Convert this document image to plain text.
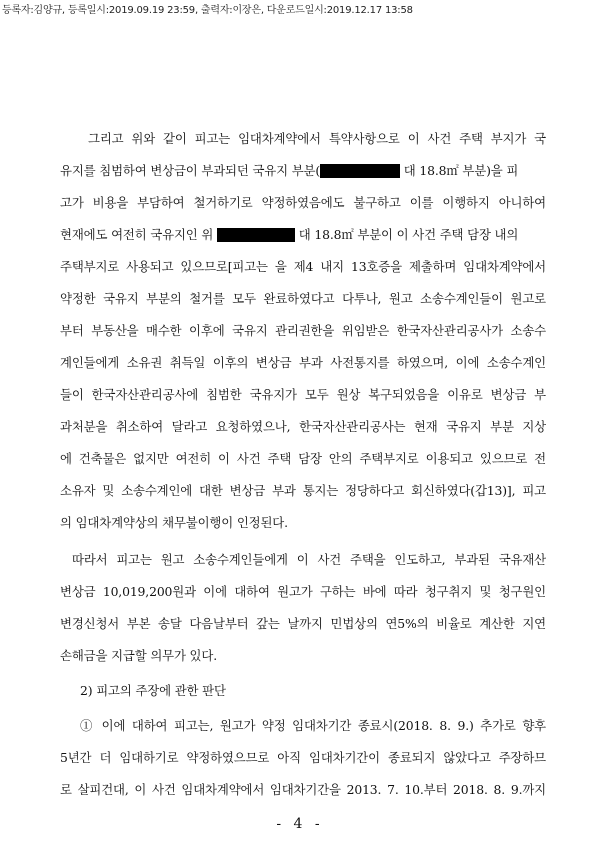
등록자:김양규, 등록일시:2019.09.19 23:59, 출력자:이장은, 다운로드일시:2019.12.17 13:58
그리고 위와 같이 피고는 임대차계약에서 특약사항으로 이 사건 주택 부지가 국
유지를 침범하여 변상금이 부과되던 국유지 부분(	대 18.8㎡ 부분)을 피
고가 비용을 부담하여 철거하기로 약정하였음에도 불구하고 이를 이행하지 아니하여
현재에도 여전히 국유지인 위	대 18.8㎡ 부분이 이 사건 주택 담장 내의
주택부지로 사용되고 있으므로[피고는 을 제4 내지 13호증을 제출하며 임대차계약에서
약정한 국유지 부분의 철거를 모두 완료하였다고 다투나, 원고 소송수계인들이 원고로
부터 부동산을 매수한 이후에 국유지 관리권한을 위임받은 한국자산관리공사가 소송수
계인들에게 소유권 취득일 이후의 변상금 부과 사전통지를 하였으며, 이에 소송수계인
들이 한국자산관리공사에 침범한 국유지가 모두 원상 복구되었음을 이유로 변상금 부
과처분을 취소하여 달라고 요청하였으나, 한국자산관리공사는 현재 국유지 부분 지상
에 건축물은 없지만 여전히 이 사건 주택 담장 안의 주택부지로 이용되고 있으므로 전
소유자 및 소송수계인에 대한 변상금 부과 통지는 정당하다고 회신하였다(갑13)], 피고
의 임대차계약상의 채무불이행이 인정된다.
따라서 피고는 원고 소송수계인들에게 이 사건 주택을 인도하고, 부과된 국유재산
변상금 10,019,200원과 이에 대하여 원고가 구하는 바에 따라 청구취지 및 청구원인
변경신청서 부본 송달 다음날부터 갚는 날까지 민법상의 연5%의 비율로 계산한 지연
손해금을 지급할 의무가 있다.
2) 피고의 주장에 관한 판단
① 이에 대하여 피고는, 원고가 약정 임대차기간 종료시(2018. 8. 9.) 추가로 향후
5년간 더 임대하기로 약정하였으므로 아직 임대차기간이 종료되지 않았다고 주장하므
로 살피건대, 이 사건 임대차계약에서 임대차기간을 2013. 7. 10.부터 2018. 8. 9.까지
- 4 -
